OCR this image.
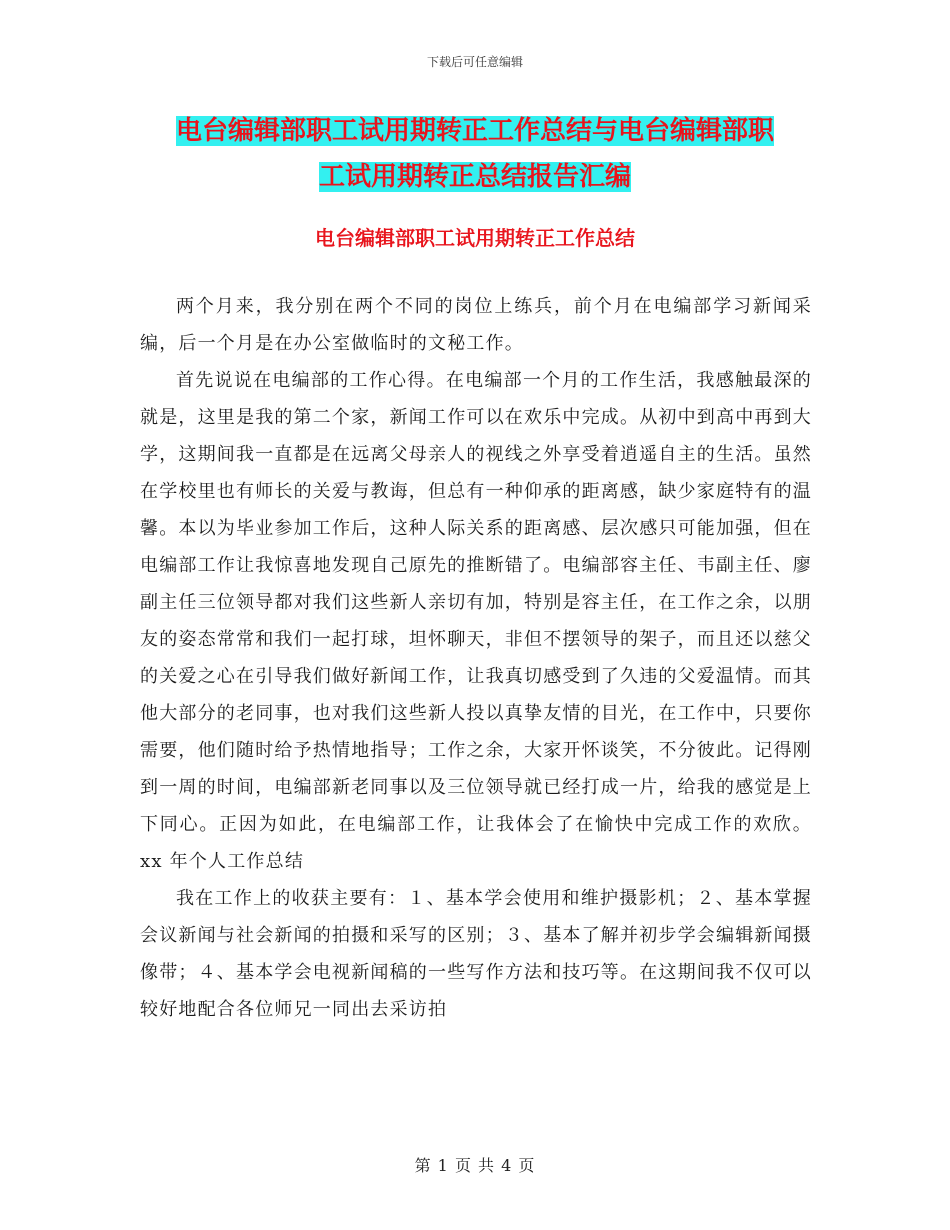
下载后可任意编辑
电台编辑部职工试用期转正工作总结与电台编辑部职
工试用期转正总结报告汇编
电台编辑部职工试用期转正工作总结

两个月来，我分别在两个不同的岗位上练兵，前个月在电编部学习新闻采编，后一个月是在办公室做临时的文秘工作。

首先说说在电编部的工作心得。在电编部一个月的工作生活，我感触最深的就是，这里是我的第二个家，新闻工作可以在欢乐中完成。从初中到高中再到大学，这期间我一直都是在远离父母亲人的视线之外享受着逍遥自主的生活。虽然在学校里也有师长的关爱与教诲，但总有一种仰承的距离感，缺少家庭特有的温馨。本以为毕业参加工作后，这种人际关系的距离感、层次感只可能加强，但在电编部工作让我惊喜地发现自己原先的推断错了。电编部容主任、韦副主任、廖副主任三位领导都对我们这些新人亲切有加，特别是容主任，在工作之余，以朋友的姿态常常和我们一起打球，坦怀聊天，非但不摆领导的架子，而且还以慈父的关爱之心在引导我们做好新闻工作，让我真切感受到了久违的父爱温情。而其他大部分的老同事，也对我们这些新人投以真挚友情的目光，在工作中，只要你需要，他们随时给予热情地指导；工作之余，大家开怀谈笑，不分彼此。记得刚到一周的时间，电编部新老同事以及三位领导就已经打成一片，给我的感觉是上下同心。正因为如此，在电编部工作，让我体会了在愉快中完成工作的欢欣。 xx 年个人工作总结

我在工作上的收获主要有：１、基本学会使用和维护摄影机；２、基本掌握会议新闻与社会新闻的拍摄和采写的区别；３、基本了解并初步学会编辑新闻摄像带；４、基本学会电视新闻稿的一些写作方法和技巧等。在这期间我不仅可以较好地配合各位师兄一同出去采访拍

第 1 页 共 4 页
